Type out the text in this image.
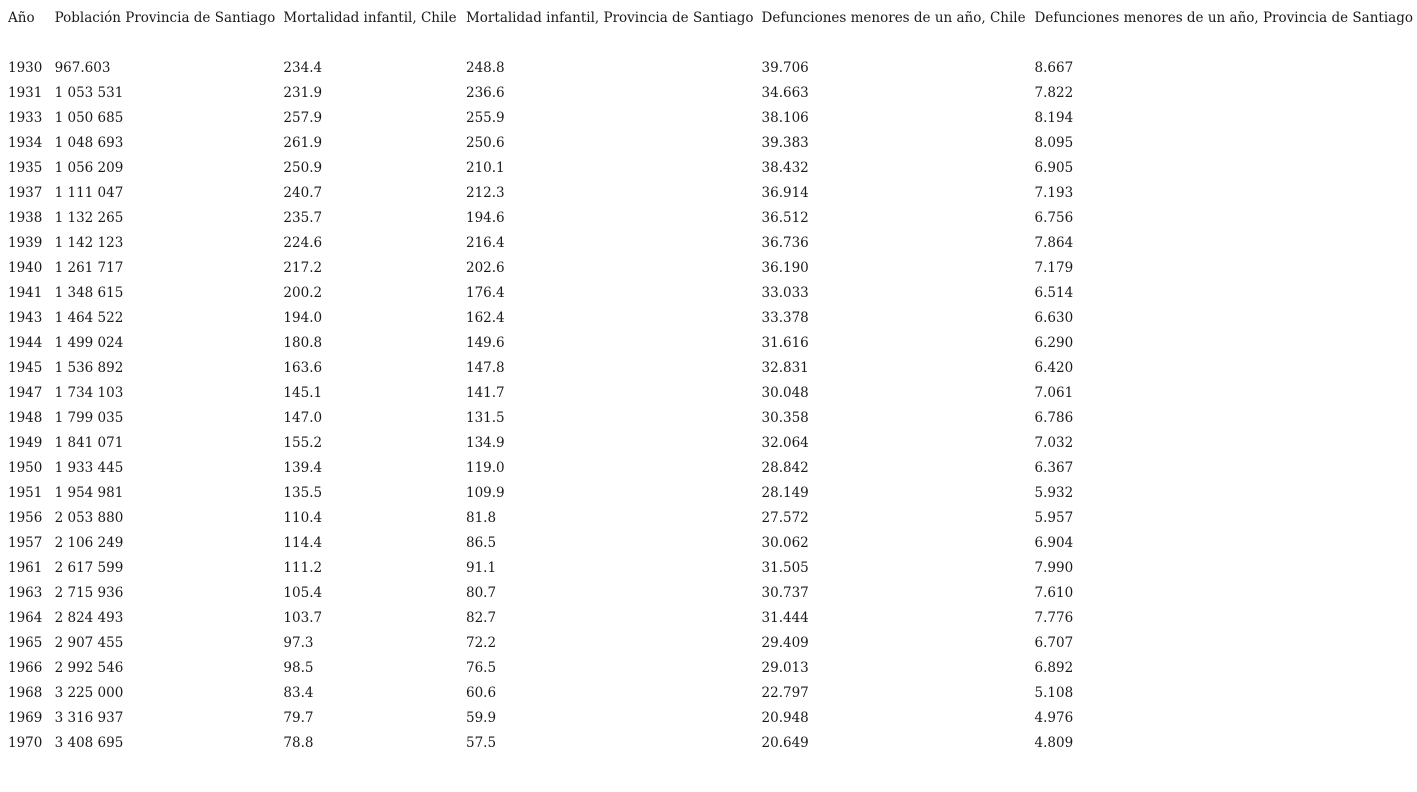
Año	Población Provincia de Santiago	Mortalidad infantil, Chile	Mortalidad infantil, Provincia de Santiago	Defunciones menores de un año, Chile	Defunciones menores de un año, Provincia de Santiago

1930	967.603	234.4	248.8	39.706	8.667
1931	1 053 531	231.9	236.6	34.663	7.822
1933	1 050 685	257.9	255.9	38.106	8.194
1934	1 048 693	261.9	250.6	39.383	8.095
1935	1 056 209	250.9	210.1	38.432	6.905
1937	1 111 047	240.7	212.3	36.914	7.193
1938	1 132 265	235.7	194.6	36.512	6.756
1939	1 142 123	224.6	216.4	36.736	7.864
1940	1 261 717	217.2	202.6	36.190	7.179
1941	1 348 615	200.2	176.4	33.033	6.514
1943	1 464 522	194.0	162.4	33.378	6.630
1944	1 499 024	180.8	149.6	31.616	6.290
1945	1 536 892	163.6	147.8	32.831	6.420
1947	1 734 103	145.1	141.7	30.048	7.061
1948	1 799 035	147.0	131.5	30.358	6.786
1949	1 841 071	155.2	134.9	32.064	7.032
1950	1 933 445	139.4	119.0	28.842	6.367
1951	1 954 981	135.5	109.9	28.149	5.932
1956	2 053 880	110.4	81.8	27.572	5.957
1957	2 106 249	114.4	86.5	30.062	6.904
1961	2 617 599	111.2	91.1	31.505	7.990
1963	2 715 936	105.4	80.7	30.737	7.610
1964	2 824 493	103.7	82.7	31.444	7.776
1965	2 907 455	97.3	72.2	29.409	6.707
1966	2 992 546	98.5	76.5	29.013	6.892
1968	3 225 000	83.4	60.6	22.797	5.108
1969	3 316 937	79.7	59.9	20.948	4.976
1970	3 408 695	78.8	57.5	20.649	4.809
